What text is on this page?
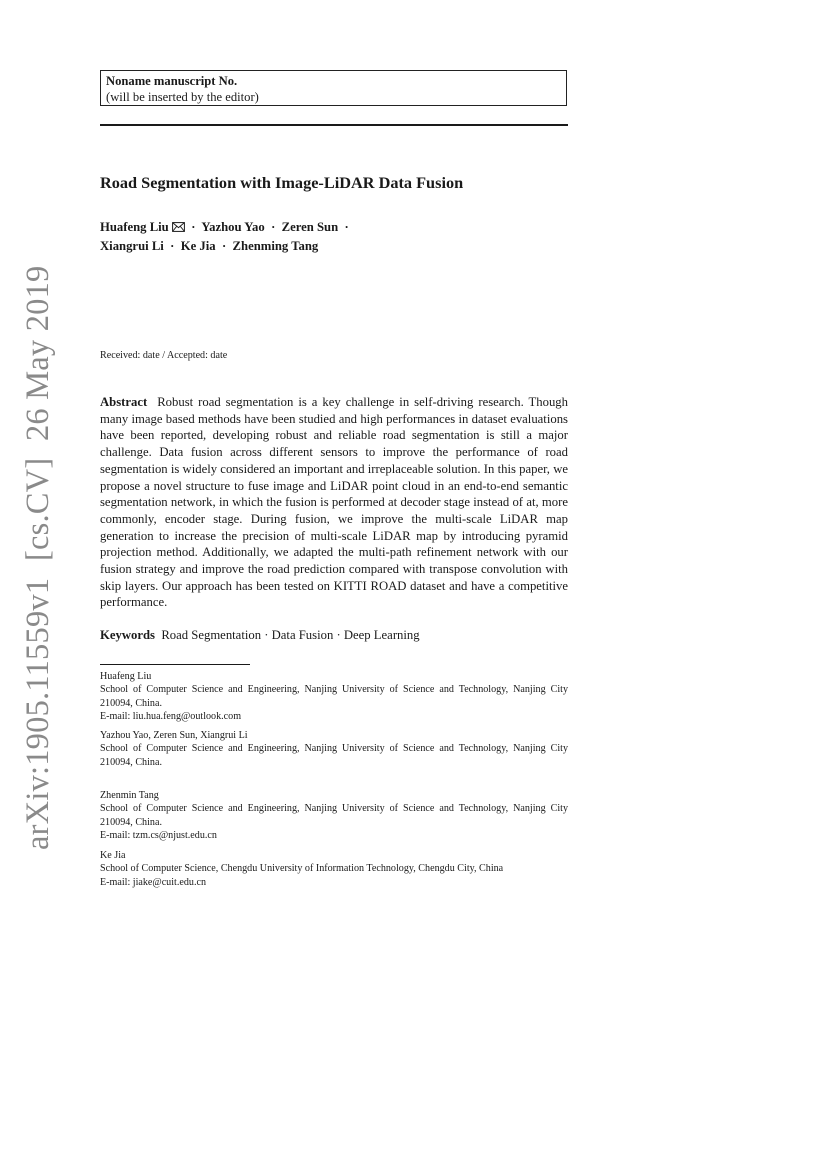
arXiv:1905.11559v1  [cs.CV]  26 May 2019
Noname manuscript No.
(will be inserted by the editor)
Road Segmentation with Image-LiDAR Data Fusion
Huafeng Liu · Yazhou Yao · Zeren Sun ·
Xiangrui Li · Ke Jia · Zhenming Tang
Received: date / Accepted: date
Abstract Robust road segmentation is a key challenge in self-driving research. Though many image based methods have been studied and high performances in dataset evaluations have been reported, developing robust and reliable road segmentation is still a major challenge. Data fusion across different sensors to improve the performance of road segmentation is widely considered an important and irreplaceable solution. In this paper, we propose a novel structure to fuse image and LiDAR point cloud in an end-to-end semantic segmentation network, in which the fusion is performed at decoder stage instead of at, more commonly, encoder stage. During fusion, we improve the multi-scale LiDAR map generation to increase the precision of multi-scale LiDAR map by introducing pyramid projection method. Additionally, we adapted the multi-path refinement network with our fusion strategy and improve the road prediction compared with transpose convolution with skip layers. Our approach has been tested on KITTI ROAD dataset and have a competitive performance.
Keywords Road Segmentation · Data Fusion · Deep Learning
Huafeng Liu
School of Computer Science and Engineering, Nanjing University of Science and Technology, Nanjing City 210094, China.
E-mail: liu.hua.feng@outlook.com
Yazhou Yao, Zeren Sun, Xiangrui Li
School of Computer Science and Engineering, Nanjing University of Science and Technology, Nanjing City 210094, China.
Zhenmin Tang
School of Computer Science and Engineering, Nanjing University of Science and Technology, Nanjing City 210094, China.
E-mail: tzm.cs@njust.edu.cn
Ke Jia
School of Computer Science, Chengdu University of Information Technology, Chengdu City, China
E-mail: jiake@cuit.edu.cn
